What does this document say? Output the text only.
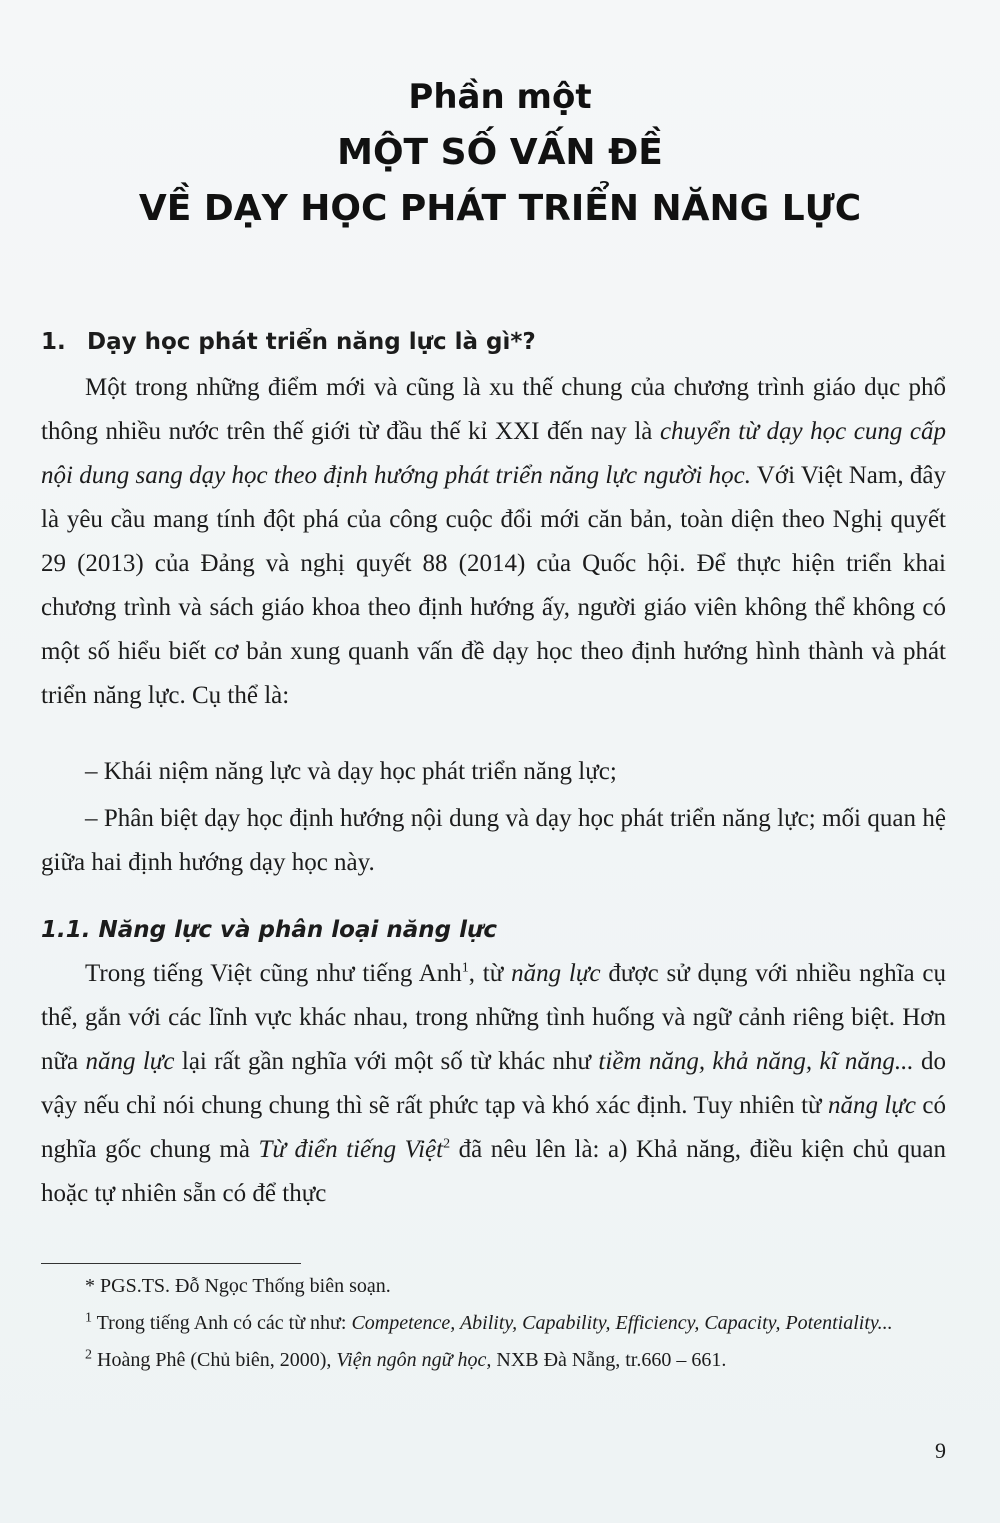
Phần một
MỘT SỐ VẤN ĐỀ
VỀ DẠY HỌC PHÁT TRIỂN NĂNG LỰC
1. Dạy học phát triển năng lực là gì*?

Một trong những điểm mới và cũng là xu thế chung của chương trình giáo dục phổ thông nhiều nước trên thế giới từ đầu thế kỉ XXI đến nay là chuyển từ dạy học cung cấp nội dung sang dạy học theo định hướng phát triển năng lực người học. Với Việt Nam, đây là yêu cầu mang tính đột phá của công cuộc đổi mới căn bản, toàn diện theo Nghị quyết 29 (2013) của Đảng và nghị quyết 88 (2014) của Quốc hội. Để thực hiện triển khai chương trình và sách giáo khoa theo định hướng ấy, người giáo viên không thể không có một số hiểu biết cơ bản xung quanh vấn đề dạy học theo định hướng hình thành và phát triển năng lực. Cụ thể là:

– Khái niệm năng lực và dạy học phát triển năng lực;

– Phân biệt dạy học định hướng nội dung và dạy học phát triển năng lực; mối quan hệ giữa hai định hướng dạy học này.

1.1. Năng lực và phân loại năng lực

Trong tiếng Việt cũng như tiếng Anh$^1$, từ năng lực được sử dụng với nhiều nghĩa cụ thể, gắn với các lĩnh vực khác nhau, trong những tình huống và ngữ cảnh riêng biệt. Hơn nữa năng lực lại rất gần nghĩa với một số từ khác như tiềm năng, khả năng, kĩ năng... do vậy nếu chỉ nói chung chung thì sẽ rất phức tạp và khó xác định. Tuy nhiên từ năng lực có nghĩa gốc chung mà Từ điển tiếng Việt$^2$ đã nêu lên là: a) Khả năng, điều kiện chủ quan hoặc tự nhiên sẵn có để thực

* PGS.TS. Đỗ Ngọc Thống biên soạn.

$^1$ Trong tiếng Anh có các từ như: Competence, Ability, Capability, Efficiency, Capacity, Potentiality...

$^2$ Hoàng Phê (Chủ biên, 2000), Viện ngôn ngữ học, NXB Đà Nẵng, tr.660 – 661.

9
